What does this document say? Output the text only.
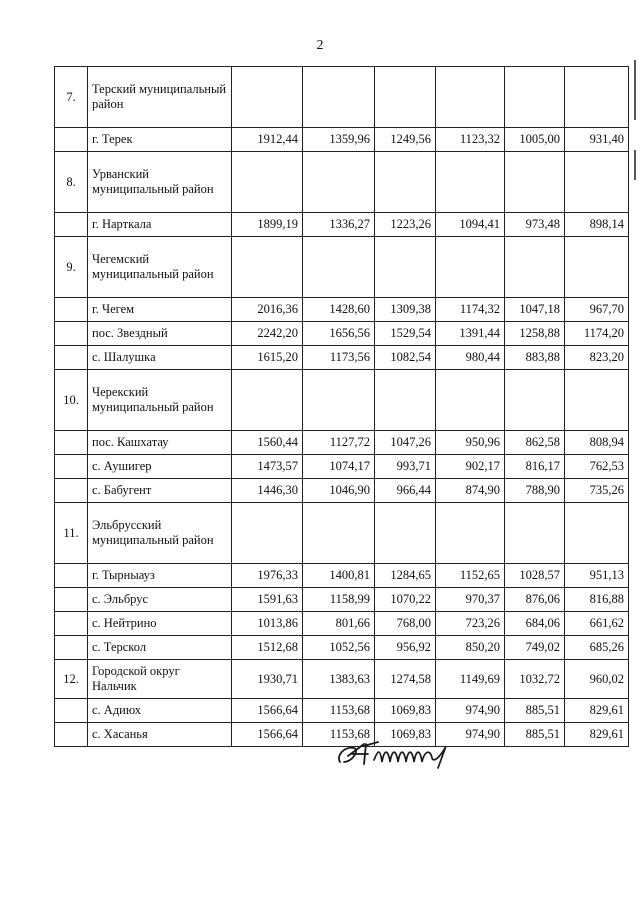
2
7.	Терский муниципальный район						
	г. Терек	1912,44	1359,96	1249,56	1123,32	1005,00	931,40
8.	Урванский муниципальный район						
	г. Нарткала	1899,19	1336,27	1223,26	1094,41	973,48	898,14
9.	Чегемский муниципальный район						
	г. Чегем	2016,36	1428,60	1309,38	1174,32	1047,18	967,70
	пос. Звездный	2242,20	1656,56	1529,54	1391,44	1258,88	1174,20
	с. Шалушка	1615,20	1173,56	1082,54	980,44	883,88	823,20
10.	Черекский муниципальный район						
	пос. Кашхатау	1560,44	1127,72	1047,26	950,96	862,58	808,94
	с. Аушигер	1473,57	1074,17	993,71	902,17	816,17	762,53
	с. Бабугент	1446,30	1046,90	966,44	874,90	788,90	735,26
11.	Эльбрусский муниципальный район						
	г. Тырныауз	1976,33	1400,81	1284,65	1152,65	1028,57	951,13
	с. Эльбрус	1591,63	1158,99	1070,22	970,37	876,06	816,88
	с. Нейтрино	1013,86	801,66	768,00	723,26	684,06	661,62
	с. Терскол	1512,68	1052,56	956,92	850,20	749,02	685,26
12.	Городской округ Нальчик	1930,71	1383,63	1274,58	1149,69	1032,72	960,02
	с. Адиюх	1566,64	1153,68	1069,83	974,90	885,51	829,61
	с. Хасанья	1566,64	1153,68	1069,83	974,90	885,51	829,61
